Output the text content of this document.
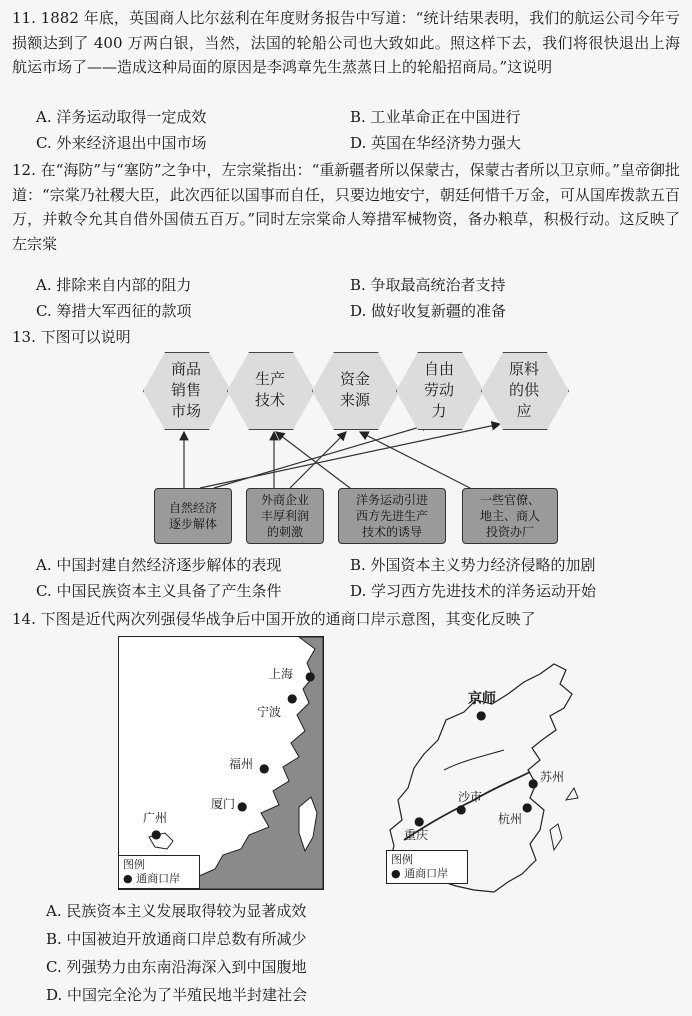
11. 1882 年底，英国商人比尔兹利在年度财务报告中写道：“统计结果表明，我们的航运公司今年亏损额达到了 400 万两白银，当然，法国的轮船公司也大致如此。照这样下去，我们将很快退出上海航运市场了——造成这种局面的原因是李鸿章先生蒸蒸日上的轮船招商局。”这说明
A. 洋务运动取得一定成效	B. 工业革命正在中国进行
C. 外来经济退出中国市场	D. 英国在华经济势力强大
12. 在“海防”与“塞防”之争中，左宗棠指出：“重新疆者所以保蒙古，保蒙古者所以卫京师。”皇帝御批道：“宗棠乃社稷大臣，此次西征以国事而自任，只要边地安宁，朝廷何惜千万金，可从国库拨款五百万，并敕令允其自借外国债五百万。”同时左宗棠命人筹措军械物资，备办粮草，积极行动。这反映了左宗棠
A. 排除来自内部的阻力	B. 争取最高统治者支持
C. 筹措大军西征的款项	D. 做好收复新疆的准备
13. 下图可以说明
商品
销售
市场
生产
技术
资金
来源
自由
劳动
力
原料
的供
应
自然经济
逐步解体
外商企业
丰厚利润
的刺激
洋务运动引进
西方先进生产
技术的诱导
一些官僚、
地主、商人
投资办厂
A. 中国封建自然经济逐步解体的表现	B. 外国资本主义势力经济侵略的加剧
C. 中国民族资本主义具备了产生条件	D. 学习西方先进技术的洋务运动开始
14. 下图是近代两次列强侵华战争后中国开放的通商口岸示意图，其变化反映了
上海 ●
宁波
●
福州 ●
厦门 ●
广州
●
图例
● 通商口岸
京师
●
苏州
●
沙市
●
杭州
●
重庆
●
图例
● 通商口岸
A. 民族资本主义发展取得较为显著成效
B. 中国被迫开放通商口岸总数有所减少
C. 列强势力由东南沿海深入到中国腹地
D. 中国完全沦为了半殖民地半封建社会
